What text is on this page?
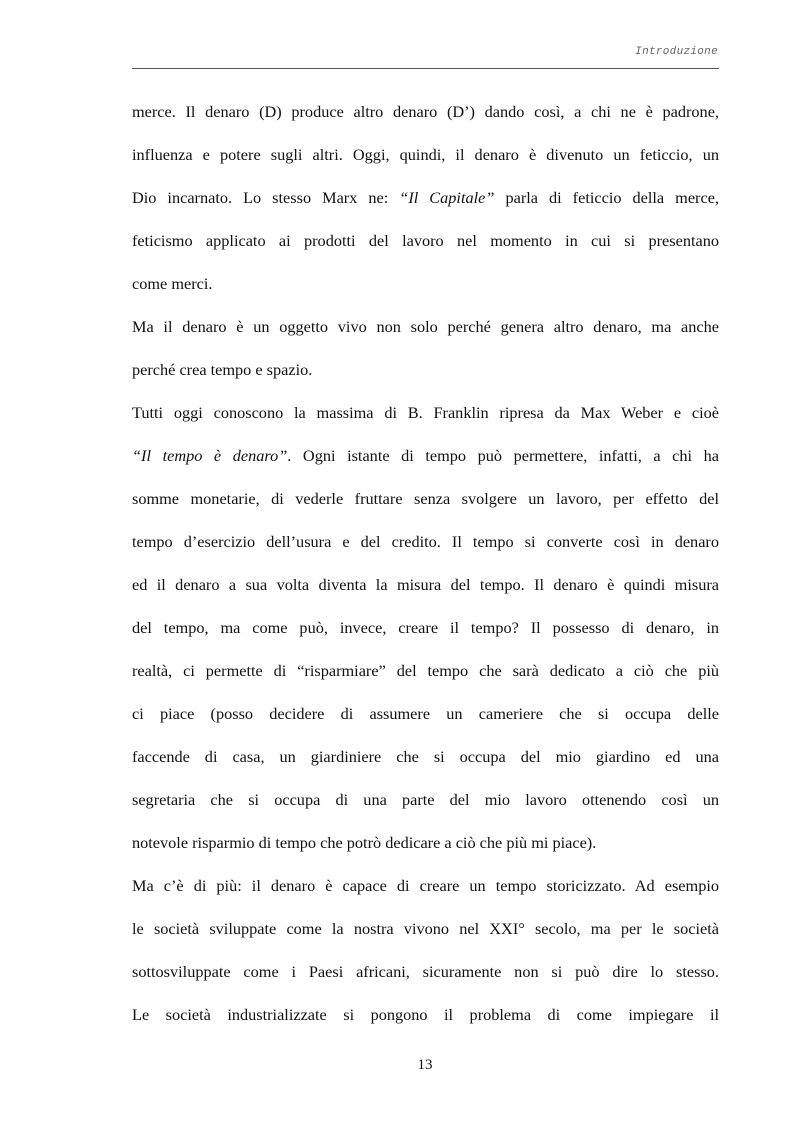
Introduzione
merce. Il denaro (D) produce altro denaro (D’) dando così, a chi ne è padrone,
influenza e potere sugli altri. Oggi, quindi, il denaro è divenuto un feticcio, un
Dio incarnato. Lo stesso Marx ne: “Il Capitale” parla di feticcio della merce,
feticismo applicato ai prodotti del lavoro nel momento in cui si presentano
come merci.
Ma il denaro è un oggetto vivo non solo perché genera altro denaro, ma anche
perché crea tempo e spazio.
Tutti oggi conoscono la massima di B. Franklin ripresa da Max Weber e cioè
“Il tempo è denaro”. Ogni istante di tempo può permettere, infatti, a chi ha
somme monetarie, di vederle fruttare senza svolgere un lavoro, per effetto del
tempo d’esercizio dell’usura e del credito. Il tempo si converte così in denaro
ed il denaro a sua volta diventa la misura del tempo. Il denaro è quindi misura
del tempo, ma come può, invece, creare il tempo? Il possesso di denaro, in
realtà, ci permette di “risparmiare” del tempo che sarà dedicato a ciò che più
ci piace (posso decidere di assumere un cameriere che si occupa delle
faccende di casa, un giardiniere che si occupa del mio giardino ed una
segretaria che si occupa di una parte del mio lavoro ottenendo così un
notevole risparmio di tempo che potrò dedicare a ciò che più mi piace).
Ma c’è di più: il denaro è capace di creare un tempo storicizzato. Ad esempio
le società sviluppate come la nostra vivono nel XXI° secolo, ma per le società
sottosviluppate come i Paesi africani, sicuramente non si può dire lo stesso.
Le società industrializzate si pongono il problema di come impiegare il
13
